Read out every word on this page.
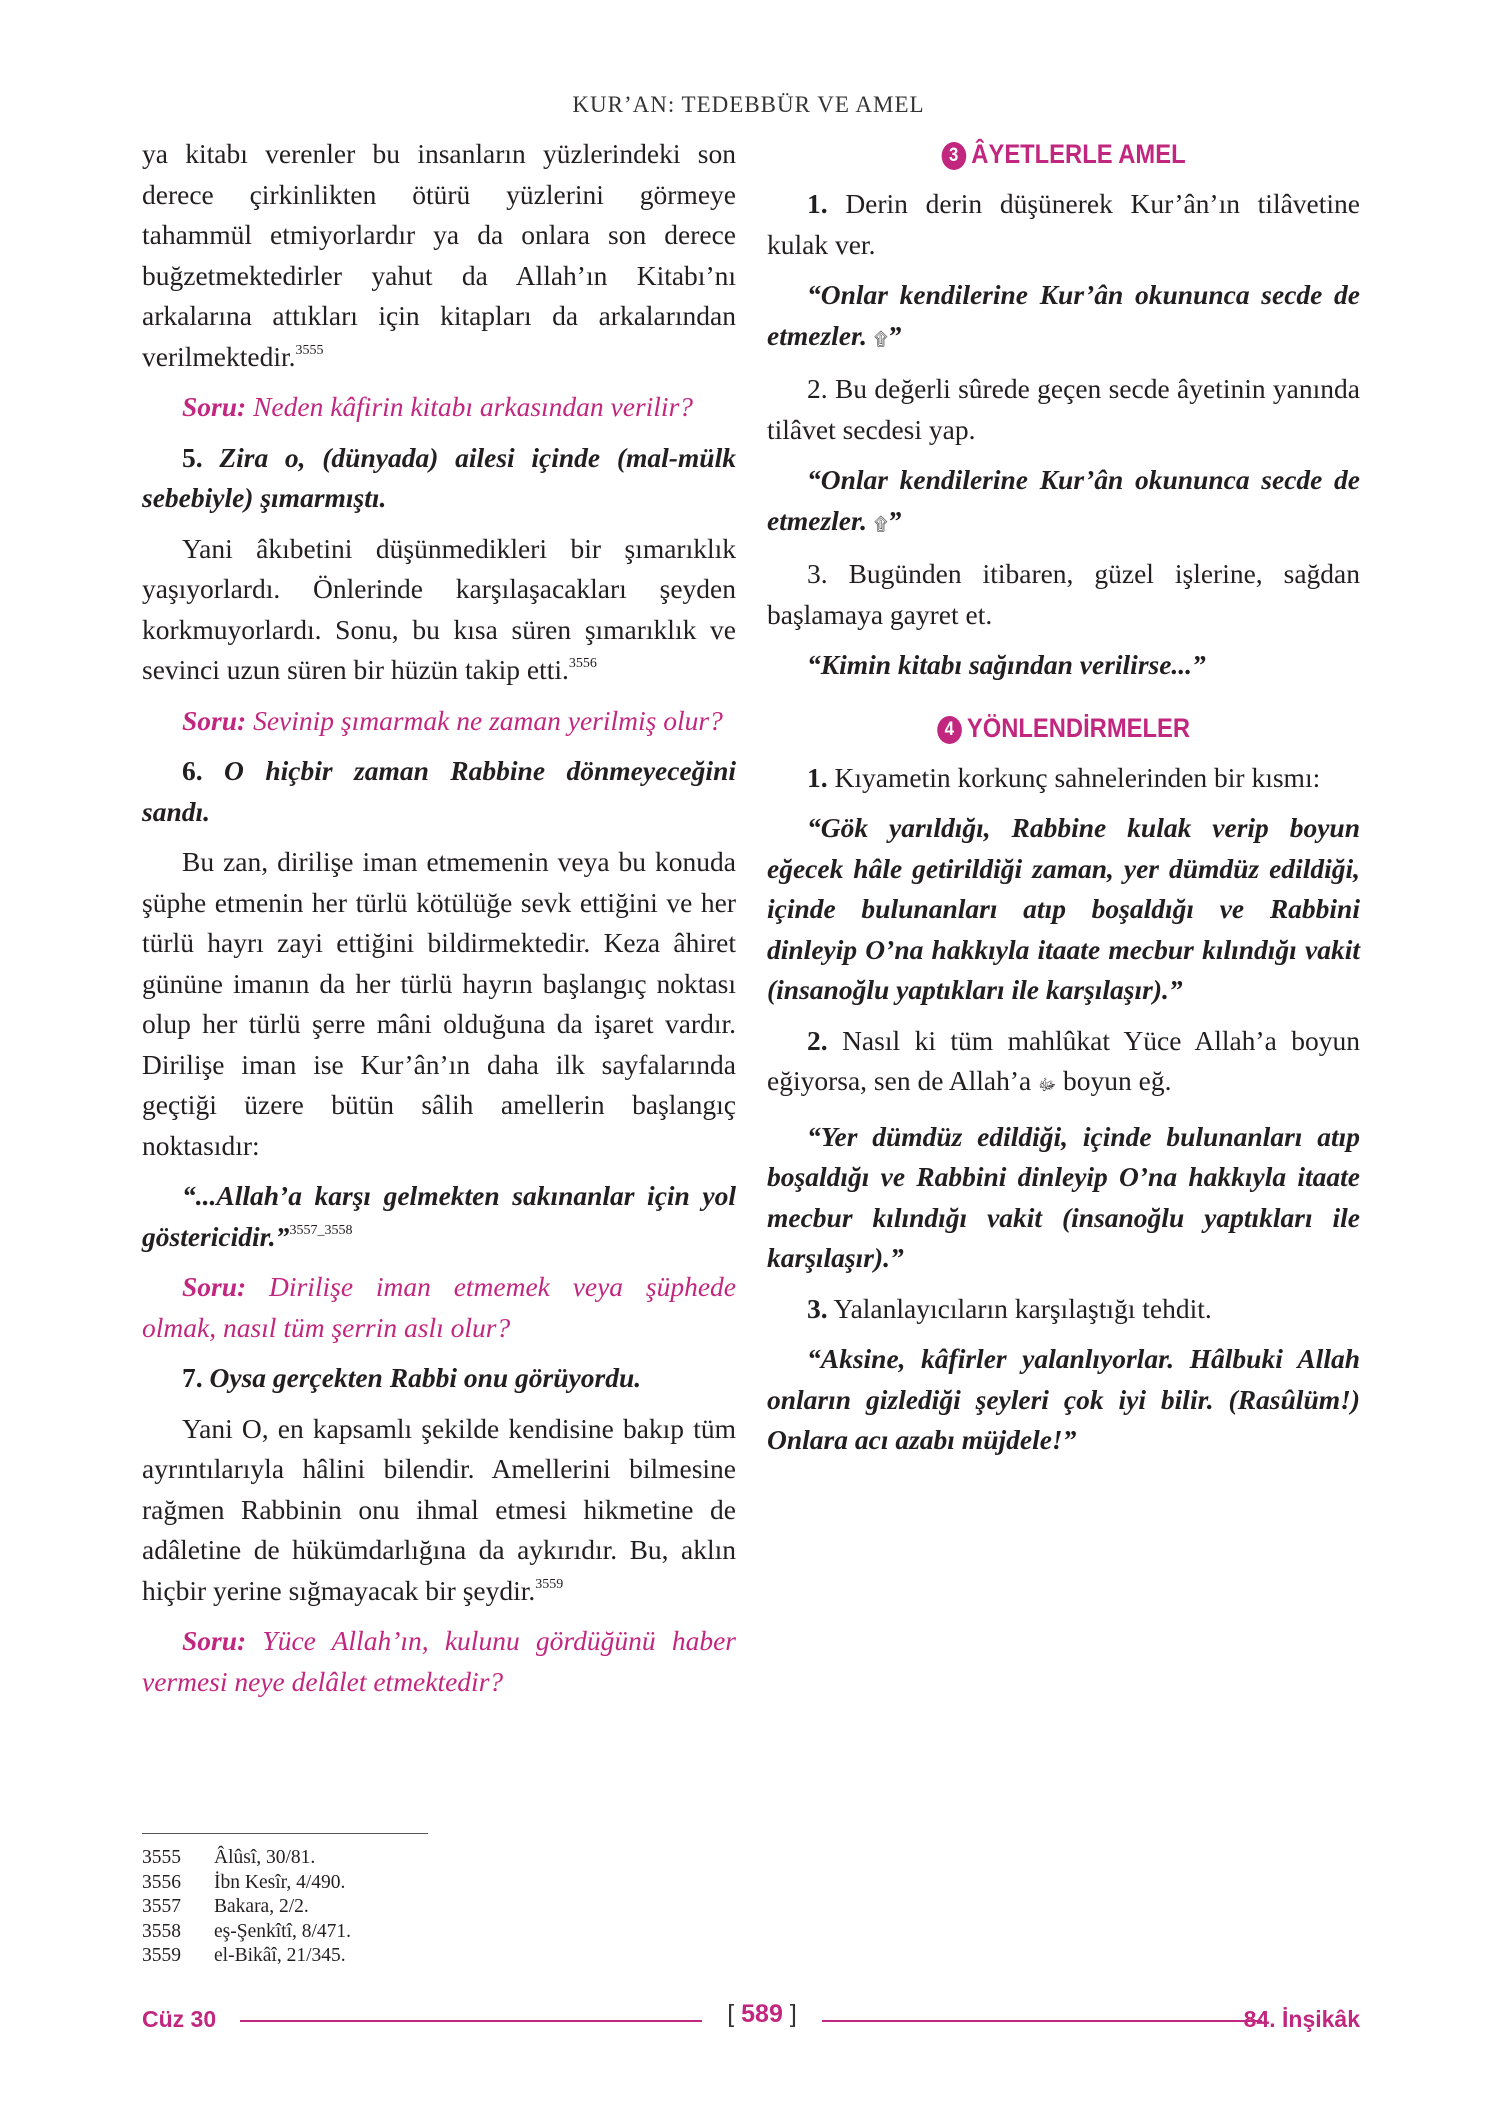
KUR’AN: TEDEBBÜR VE AMEL

ya kitabı verenler bu insanların yüzlerindeki son derece çirkinlikten ötürü yüzlerini görmeye tahammül etmiyorlardır ya da onlara son derece buğzetmektedirler yahut da Allah’ın Kitabı’nı arkalarına attıkları için kitapları da arkalarından verilmektedir.$^{3555}$

Soru: Neden kâfirin kitabı arkasından verilir?

5. Zira o, (dünyada) ailesi içinde (mal-mülk sebebiyle) şımarmıştı.

Yani âkıbetini düşünmedikleri bir şımarıklık yaşıyorlardı. Önlerinde karşılaşacakları şeyden korkmuyorlardı. Sonu, bu kısa süren şımarıklık ve sevinci uzun süren bir hüzün takip etti.$^{3556}$

Soru: Sevinip şımarmak ne zaman yerilmiş olur?

6. O hiçbir zaman Rabbine dönmeyeceğini sandı.

Bu zan, dirilişe iman etmemenin veya bu konuda şüphe etmenin her türlü kötülüğe sevk ettiğini ve her türlü hayrı zayi ettiğini bildirmektedir. Keza âhiret gününe imanın da her türlü hayrın başlangıç noktası olup her türlü şerre mâni olduğuna da işaret vardır. Dirilişe iman ise Kur’ân’ın daha ilk sayfalarında geçtiği üzere bütün sâlih amellerin başlangıç noktasıdır:

“...Allah’a karşı gelmekten sakınanlar için yol göstericidir.”$^{3557\_3558}$

Soru: Dirilişe iman etmemek veya şüphede olmak, nasıl tüm şerrin aslı olur?

7. Oysa gerçekten Rabbi onu görüyordu.

Yani O, en kapsamlı şekilde kendisine bakıp tüm ayrıntılarıyla hâlini bilendir. Amellerini bilmesine rağmen Rabbinin onu ihmal etmesi hikmetine de adâletine de hükümdarlığına da aykırıdır. Bu, aklın hiçbir yerine sığmayacak bir şeydir.$^{3559}$

Soru: Yüce Allah’ın, kulunu gördüğünü haber vermesi neye delâlet etmektedir?

3 ÂYETLERLE AMEL

1. Derin derin düşünerek Kur’ân’ın tilâvetine kulak ver.

“Onlar kendilerine Kur’ân okununca secde de etmezler. ۩”

2. Bu değerli sûrede geçen secde âyetinin yanında tilâvet secdesi yap.

“Onlar kendilerine Kur’ân okununca secde de etmezler. ۩”

3. Bugünden itibaren, güzel işlerine, sağdan başlamaya gayret et.

“Kimin kitabı sağından verilirse...”

4 YÖNLENDİRMELER

1. Kıyametin korkunç sahnelerinden bir kısmı:

“Gök yarıldığı, Rabbine kulak verip boyun eğecek hâle getirildiği zaman, yer dümdüz edildiği, içinde bulunanları atıp boşaldığı ve Rabbini dinleyip O’na hakkıyla itaate mecbur kılındığı vakit (insanoğlu yaptıkları ile karşılaşır).”

2. Nasıl ki tüm mahlûkat Yüce Allah’a boyun eğiyorsa, sen de Allah’a ﷻ boyun eğ.

“Yer dümdüz edildiği, içinde bulunanları atıp boşaldığı ve Rabbini dinleyip O’na hakkıyla itaate mecbur kılındığı vakit (insanoğlu yaptıkları ile karşılaşır).”

3. Yalanlayıcıların karşılaştığı tehdit.

“Aksine, kâfirler yalanlıyorlar. Hâlbuki Allah onların gizlediği şeyleri çok iyi bilir. (Rasûlüm!) Onlara acı azabı müjdele!”

3555 Âlûsî, 30/81.

3556 İbn Kesîr, 4/490.

3557 Bakara, 2/2.

3558 eş-Şenkîtî, 8/471.

3559 el-Bikâî, 21/345.

Cüz 30	[ 589 ]	84. İnşikâk
